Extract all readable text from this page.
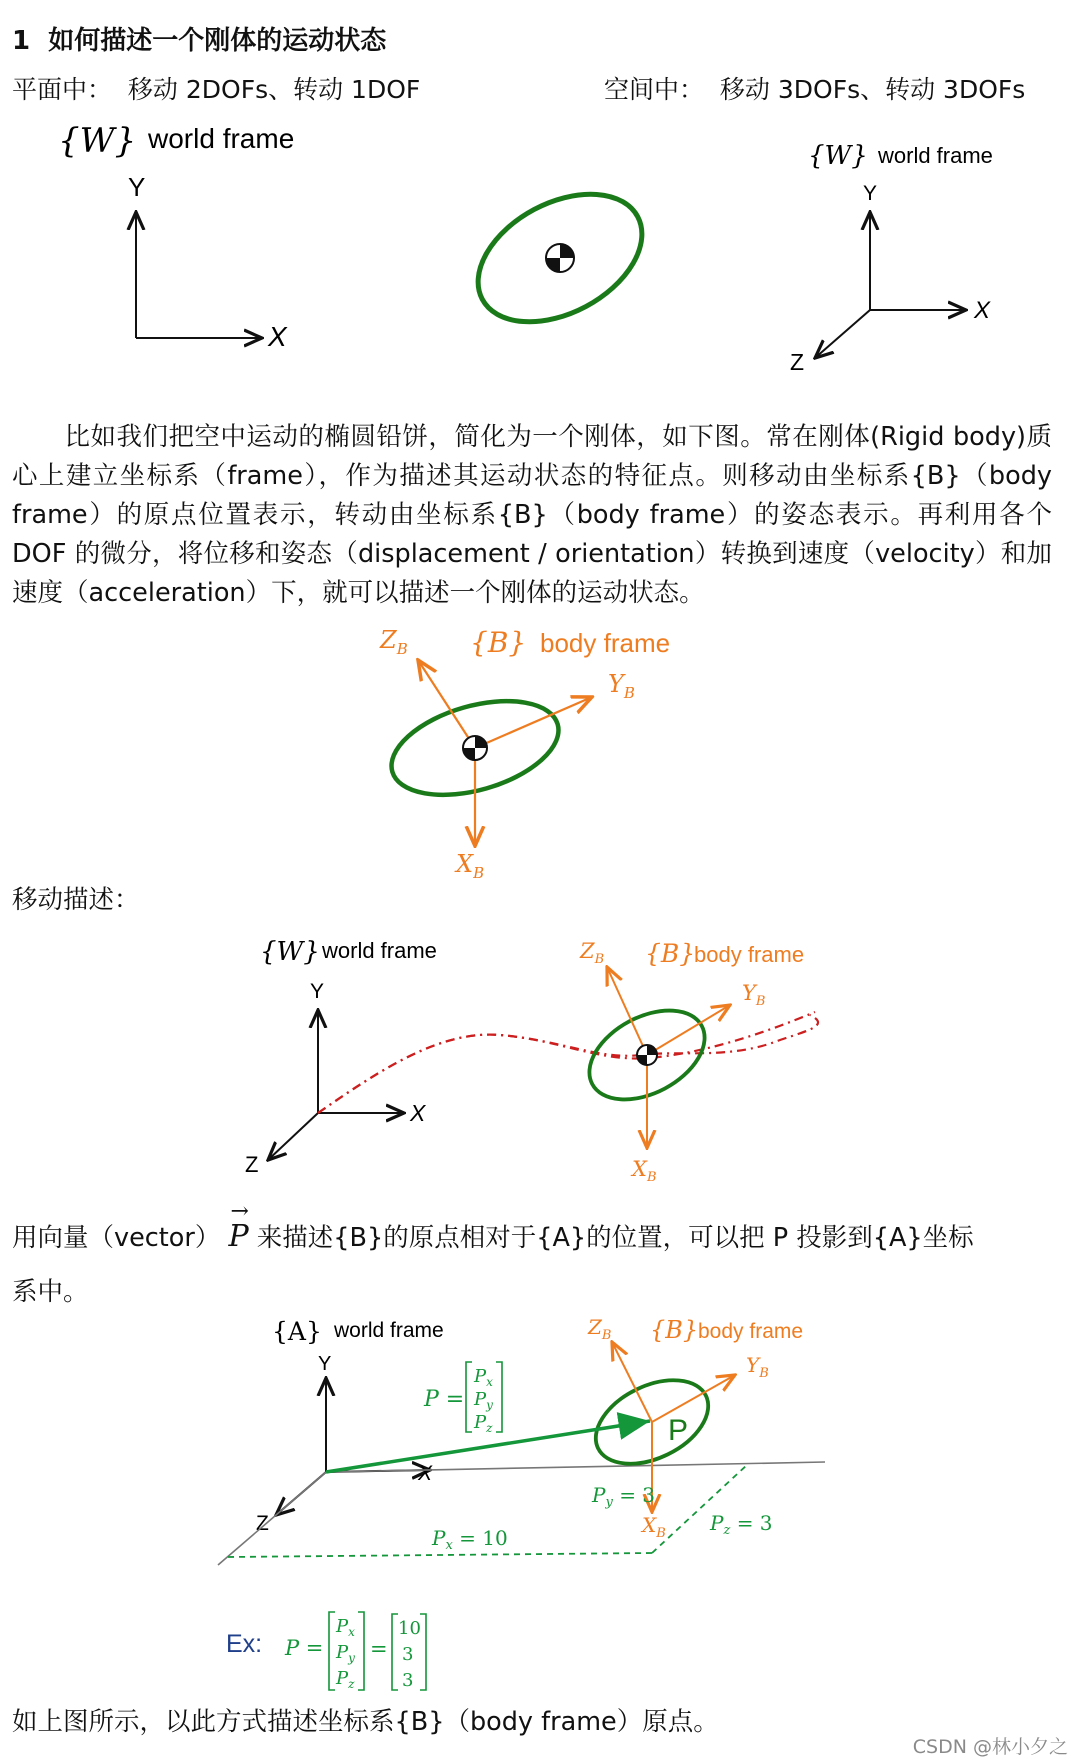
1 如何描述一个刚体的运动状态
平面中： 移动 2DOFs、转动 1DOF	空间中： 移动 3DOFs、转动 3DOFs
{W} world frame
Y
X
{W} world frame
Y
X
Z
$Z_B$ {B} body frame
$Y_B$
$X_B$
{W} world frame
Y
X
Z
$Z_B$ {B}
body frame
$Y_B$
$X_B$
{A} world frame
Y
X
Z
P
$Z_B$ {B} body frame
$Y_B$
$X_B$
P =
$P_x$
$P_y$
$P_z$
$P_y = 3$
$P_x = 10$
$P_z = 3$
Ex: P =
$P_x$
$P_y$
$P_z$
=
10
3
3

比如我们把空中运动的椭圆铅饼，简化为一个刚体，如下图。常在刚体(Rigid body)质心上建立坐标系（frame），作为描述其运动状态的特征点。则移动由坐标系{B}（body frame）的原点位置表示，转动由坐标系{B}（body frame）的姿态表示。再利用各个 DOF 的微分，将位移和姿态（displacement / orientation）转换到速度（velocity）和加速度（acceleration）下，就可以描述一个刚体的运动状态。

移动描述：
用向量（vector）
→
P 来描述{B}的原点相对于{A}的位置，可以把 P 投影到{A}坐标
系中。
如上图所示，以此方式描述坐标系{B}（body frame）原点。
CSDN @林小夕之
